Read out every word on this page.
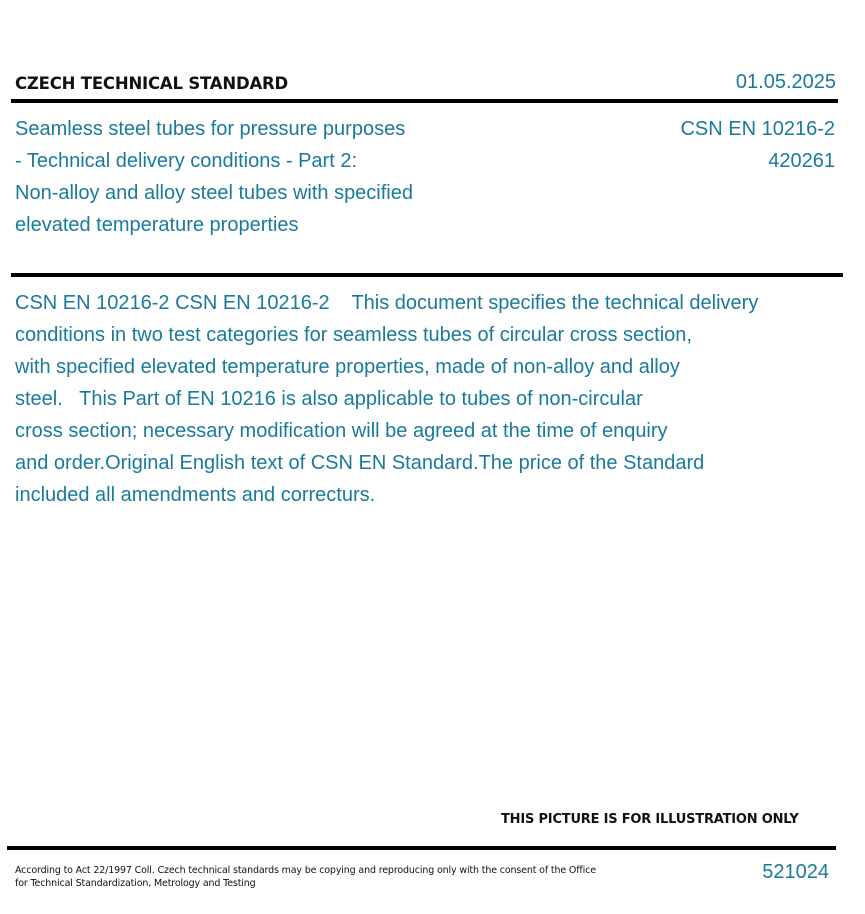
CZECH TECHNICAL STANDARD	01.05.2025
Seamless steel tubes for pressure purposes
- Technical delivery conditions - Part 2:
Non-alloy and alloy steel tubes with specified
elevated temperature properties
CSN EN 10216-2
420261
CSN EN 10216-2 CSN EN 10216-2    This document specifies the technical delivery
conditions in two test categories for seamless tubes of circular cross section,
with specified elevated temperature properties, made of non-alloy and alloy
steel.   This Part of EN 10216 is also applicable to tubes of non-circular
cross section; necessary modification will be agreed at the time of enquiry
and order.Original English text of CSN EN Standard.The price of the Standard
included all amendments and correcturs.
THIS PICTURE IS FOR ILLUSTRATION ONLY
According to Act 22/1997 Coll. Czech technical standards may be copying and reproducing only with the consent of the Office
for Technical Standardization, Metrology and Testing
521024
